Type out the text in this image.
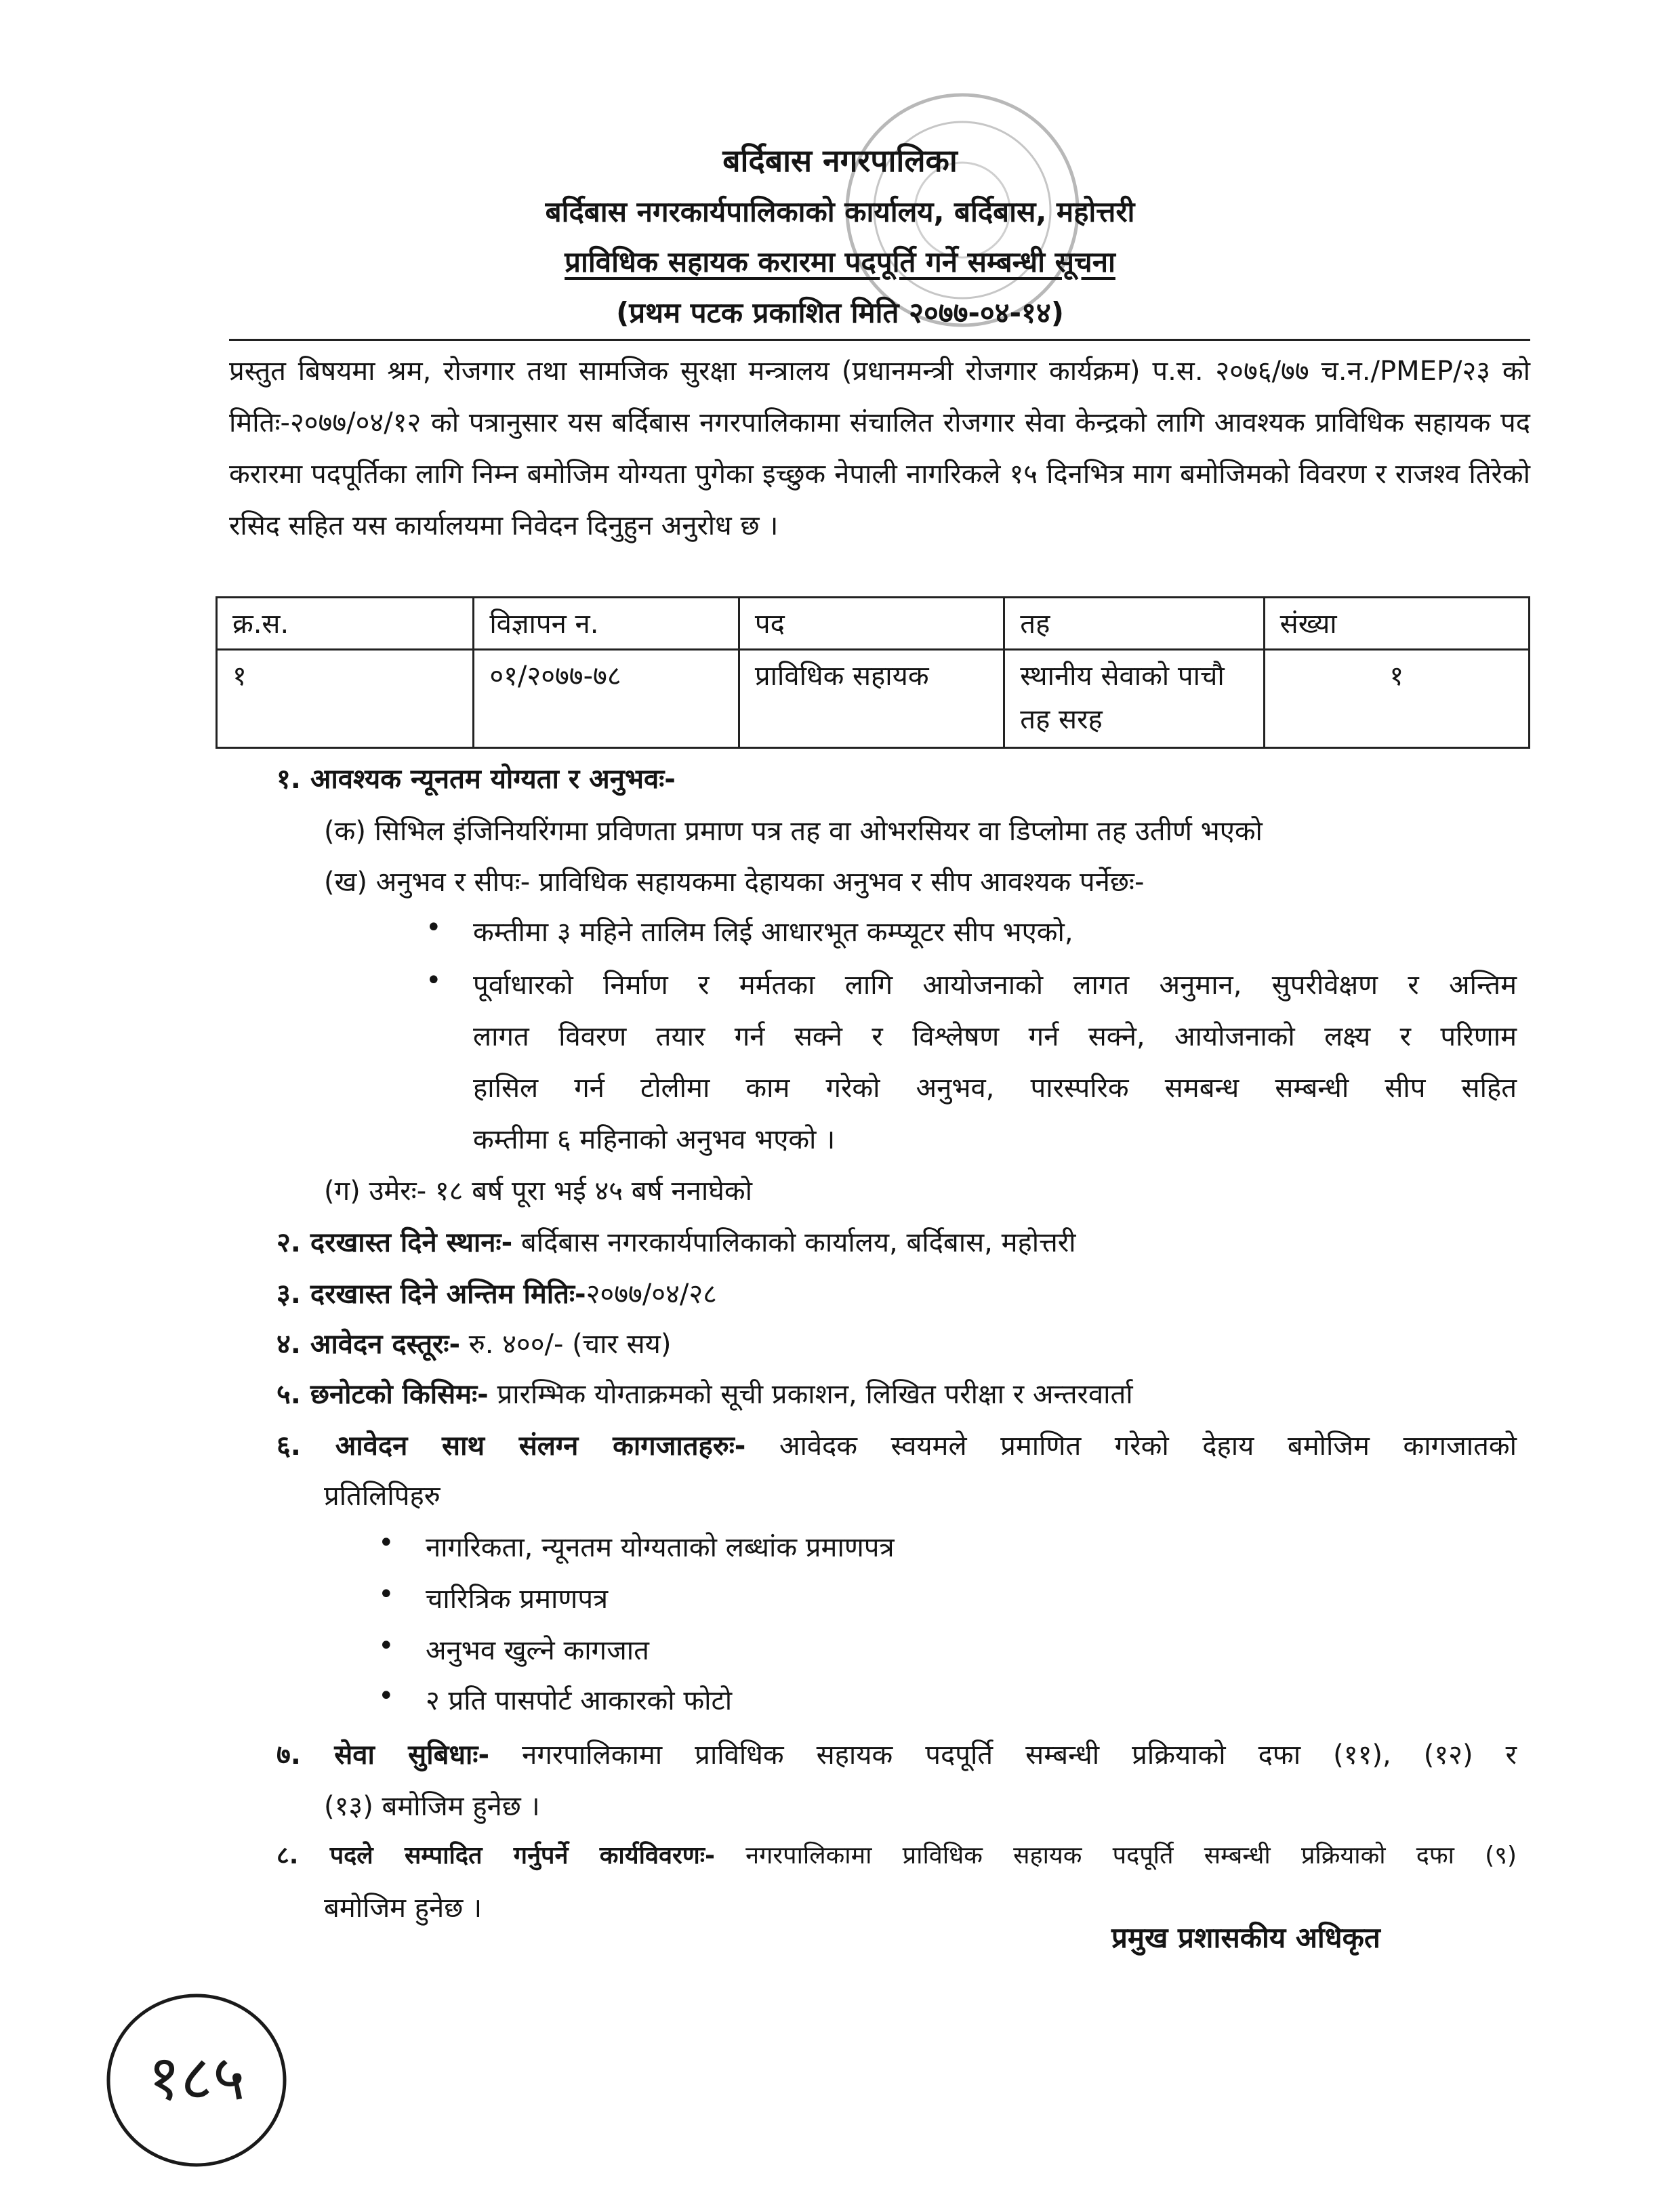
बर्दिबास नगरपालिका
बर्दिबास नगरकार्यपालिकाको कार्यालय, बर्दिबास, महोत्तरी
प्राविधिक सहायक करारमा पदपूर्ति गर्ने सम्बन्धी सूचना
(प्रथम पटक प्रकाशित मिति २०७७-०४-१४)
प्रस्तुत बिषयमा श्रम, रोजगार तथा सामजिक सुरक्षा मन्त्रालय (प्रधानमन्त्री रोजगार कार्यक्रम) प.स. २०७६/७७ च.न./PMEP/२३ को मितिः-२०७७/०४/१२ को पत्रानुसार यस बर्दिबास नगरपालिकामा संचालित रोजगार सेवा केन्द्रको लागि आवश्यक प्राविधिक सहायक पद करारमा पदपूर्तिका लागि निम्न बमोजिम योग्यता पुगेका इच्छुक नेपाली नागरिकले १५ दिनभित्र माग बमोजिमको विवरण र राजश्व तिरेको रसिद सहित यस कार्यालयमा निवेदन दिनुहुन अनुरोध छ ।
क्र.स.	विज्ञापन न.	पद	तह	संख्या
१	०१/२०७७-७८	प्राविधिक सहायक	स्थानीय सेवाको पाचौ तह सरह	१
१. आवश्यक न्यूनतम योग्यता र अनुभवः-
(क) सिभिल इंजिनियरिंगमा प्रविणता प्रमाण पत्र तह वा ओभरसियर वा डिप्लोमा तह उतीर्ण भएको
(ख) अनुभव र सीपः- प्राविधिक सहायकमा देहायका अनुभव र सीप आवश्यक पर्नेछः-
• कम्तीमा ३ महिने तालिम लिई आधारभूत कम्प्यूटर सीप भएको,
• पूर्वाधारको निर्माण र मर्मतका लागि आयोजनाको लागत अनुमान, सुपरीवेक्षण र अन्तिम
लागत विवरण तयार गर्न सक्ने र विश्लेषण गर्न सक्ने, आयोजनाको लक्ष्य र परिणाम
हासिल गर्न टोलीमा काम गरेको अनुभव, पारस्परिक समबन्ध सम्बन्धी सीप सहित
कम्तीमा ६ महिनाको अनुभव भएको ।
(ग) उमेरः- १८ बर्ष पूरा भई ४५ बर्ष ननाघेको
२. दरखास्त दिने स्थानः- बर्दिबास नगरकार्यपालिकाको कार्यालय, बर्दिबास, महोत्तरी
३. दरखास्त दिने अन्तिम मितिः-२०७७/०४/२८
४. आवेदन दस्तूरः- रु. ४००/- (चार सय)
५. छनोटको किसिमः- प्रारम्भिक योग्ताक्रमको सूची प्रकाशन, लिखित परीक्षा र अन्तरवार्ता
६. आवेदन साथ संलग्न कागजातहरुः- आवेदक स्वयमले प्रमाणित गरेको देहाय बमोजिम कागजातको
प्रतिलिपिहरु
• नागरिकता, न्यूनतम योग्यताको लब्धांक प्रमाणपत्र
• चारित्रिक प्रमाणपत्र
• अनुभव खुल्ने कागजात
• २ प्रति पासपोर्ट आकारको फोटो
७. सेवा सुबिधाः- नगरपालिकामा प्राविधिक सहायक पदपूर्ति सम्बन्धी प्रक्रियाको दफा (११), (१२) र
(१३) बमोजिम हुनेछ ।
८. पदले सम्पादित गर्नुपर्ने कार्यविवरणः- नगरपालिकामा प्राविधिक सहायक पदपूर्ति सम्बन्धी प्रक्रियाको दफा (९)
बमोजिम हुनेछ ।
प्रमुख प्रशासकीय अधिकृत
१८५
